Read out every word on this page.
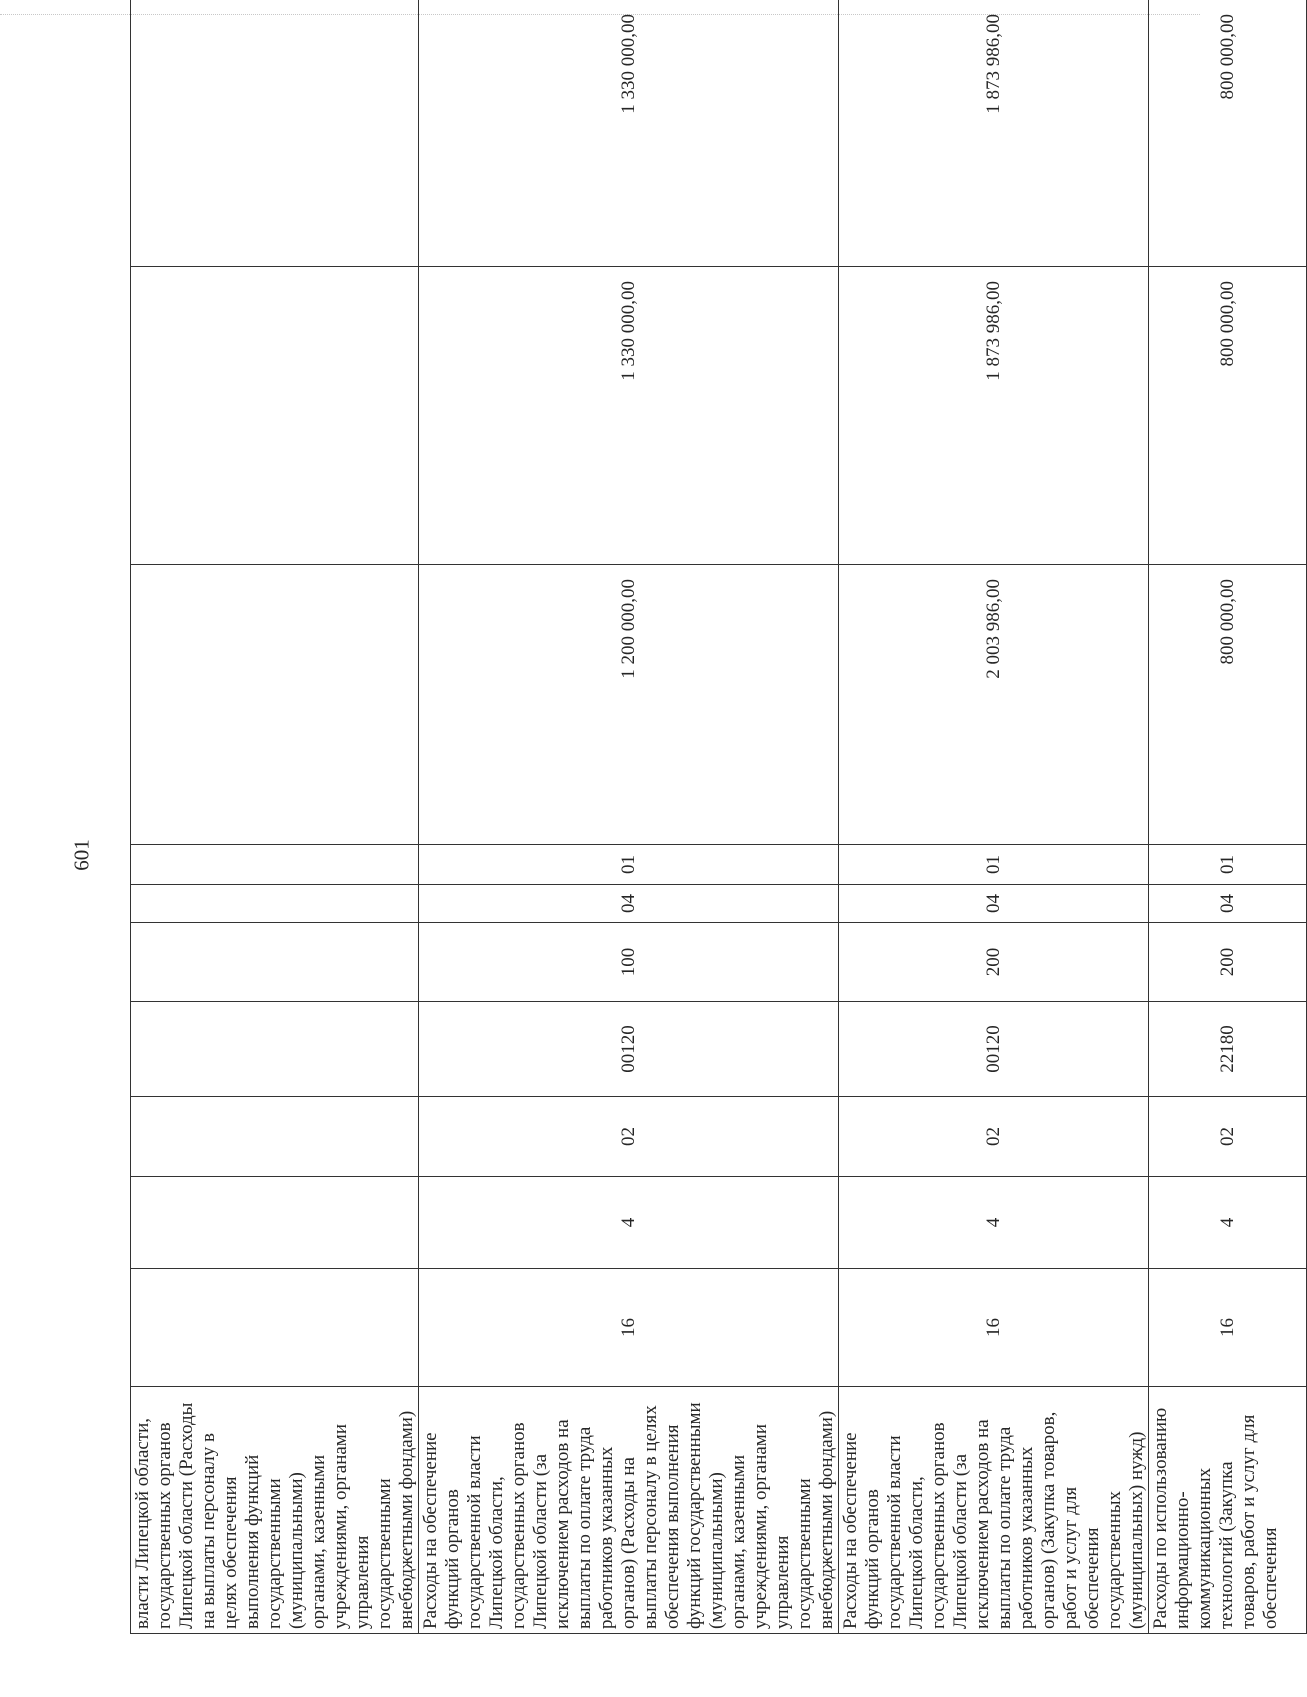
601
власти Липецкой области, государственных органов Липецкой области (Расходы на выплаты персоналу в целях обеспечения выполнения функций государственными (муниципальными) органами, казенными учреждениями, органами управления государственными внебюджетными фондами)										
Расходы на обеспечение функций органов государственной власти Липецкой области, государственных органов Липецкой области (за исключением расходов на выплаты по оплате труда работников указанных органов) (Расходы на выплаты персоналу в целях обеспечения выполнения функций государственными (муниципальными) органами, казенными учреждениями, органами управления государственными внебюджетными фондами)	16	4	02	00120	100	04	01	1 200 000,00	1 330 000,00	1 330 000,00
Расходы на обеспечение функций органов государственной власти Липецкой области, государственных органов Липецкой области (за исключением расходов на выплаты по оплате труда работников указанных органов) (Закупка товаров, работ и услуг для обеспечения государственных (муниципальных) нужд)	16	4	02	00120	200	04	01	2 003 986,00	1 873 986,00	1 873 986,00
Расходы по использованию информационно-коммуникационных технологий (Закупка товаров, работ и услуг для обеспечения	16	4	02	22180	200	04	01	800 000,00	800 000,00	800 000,00
